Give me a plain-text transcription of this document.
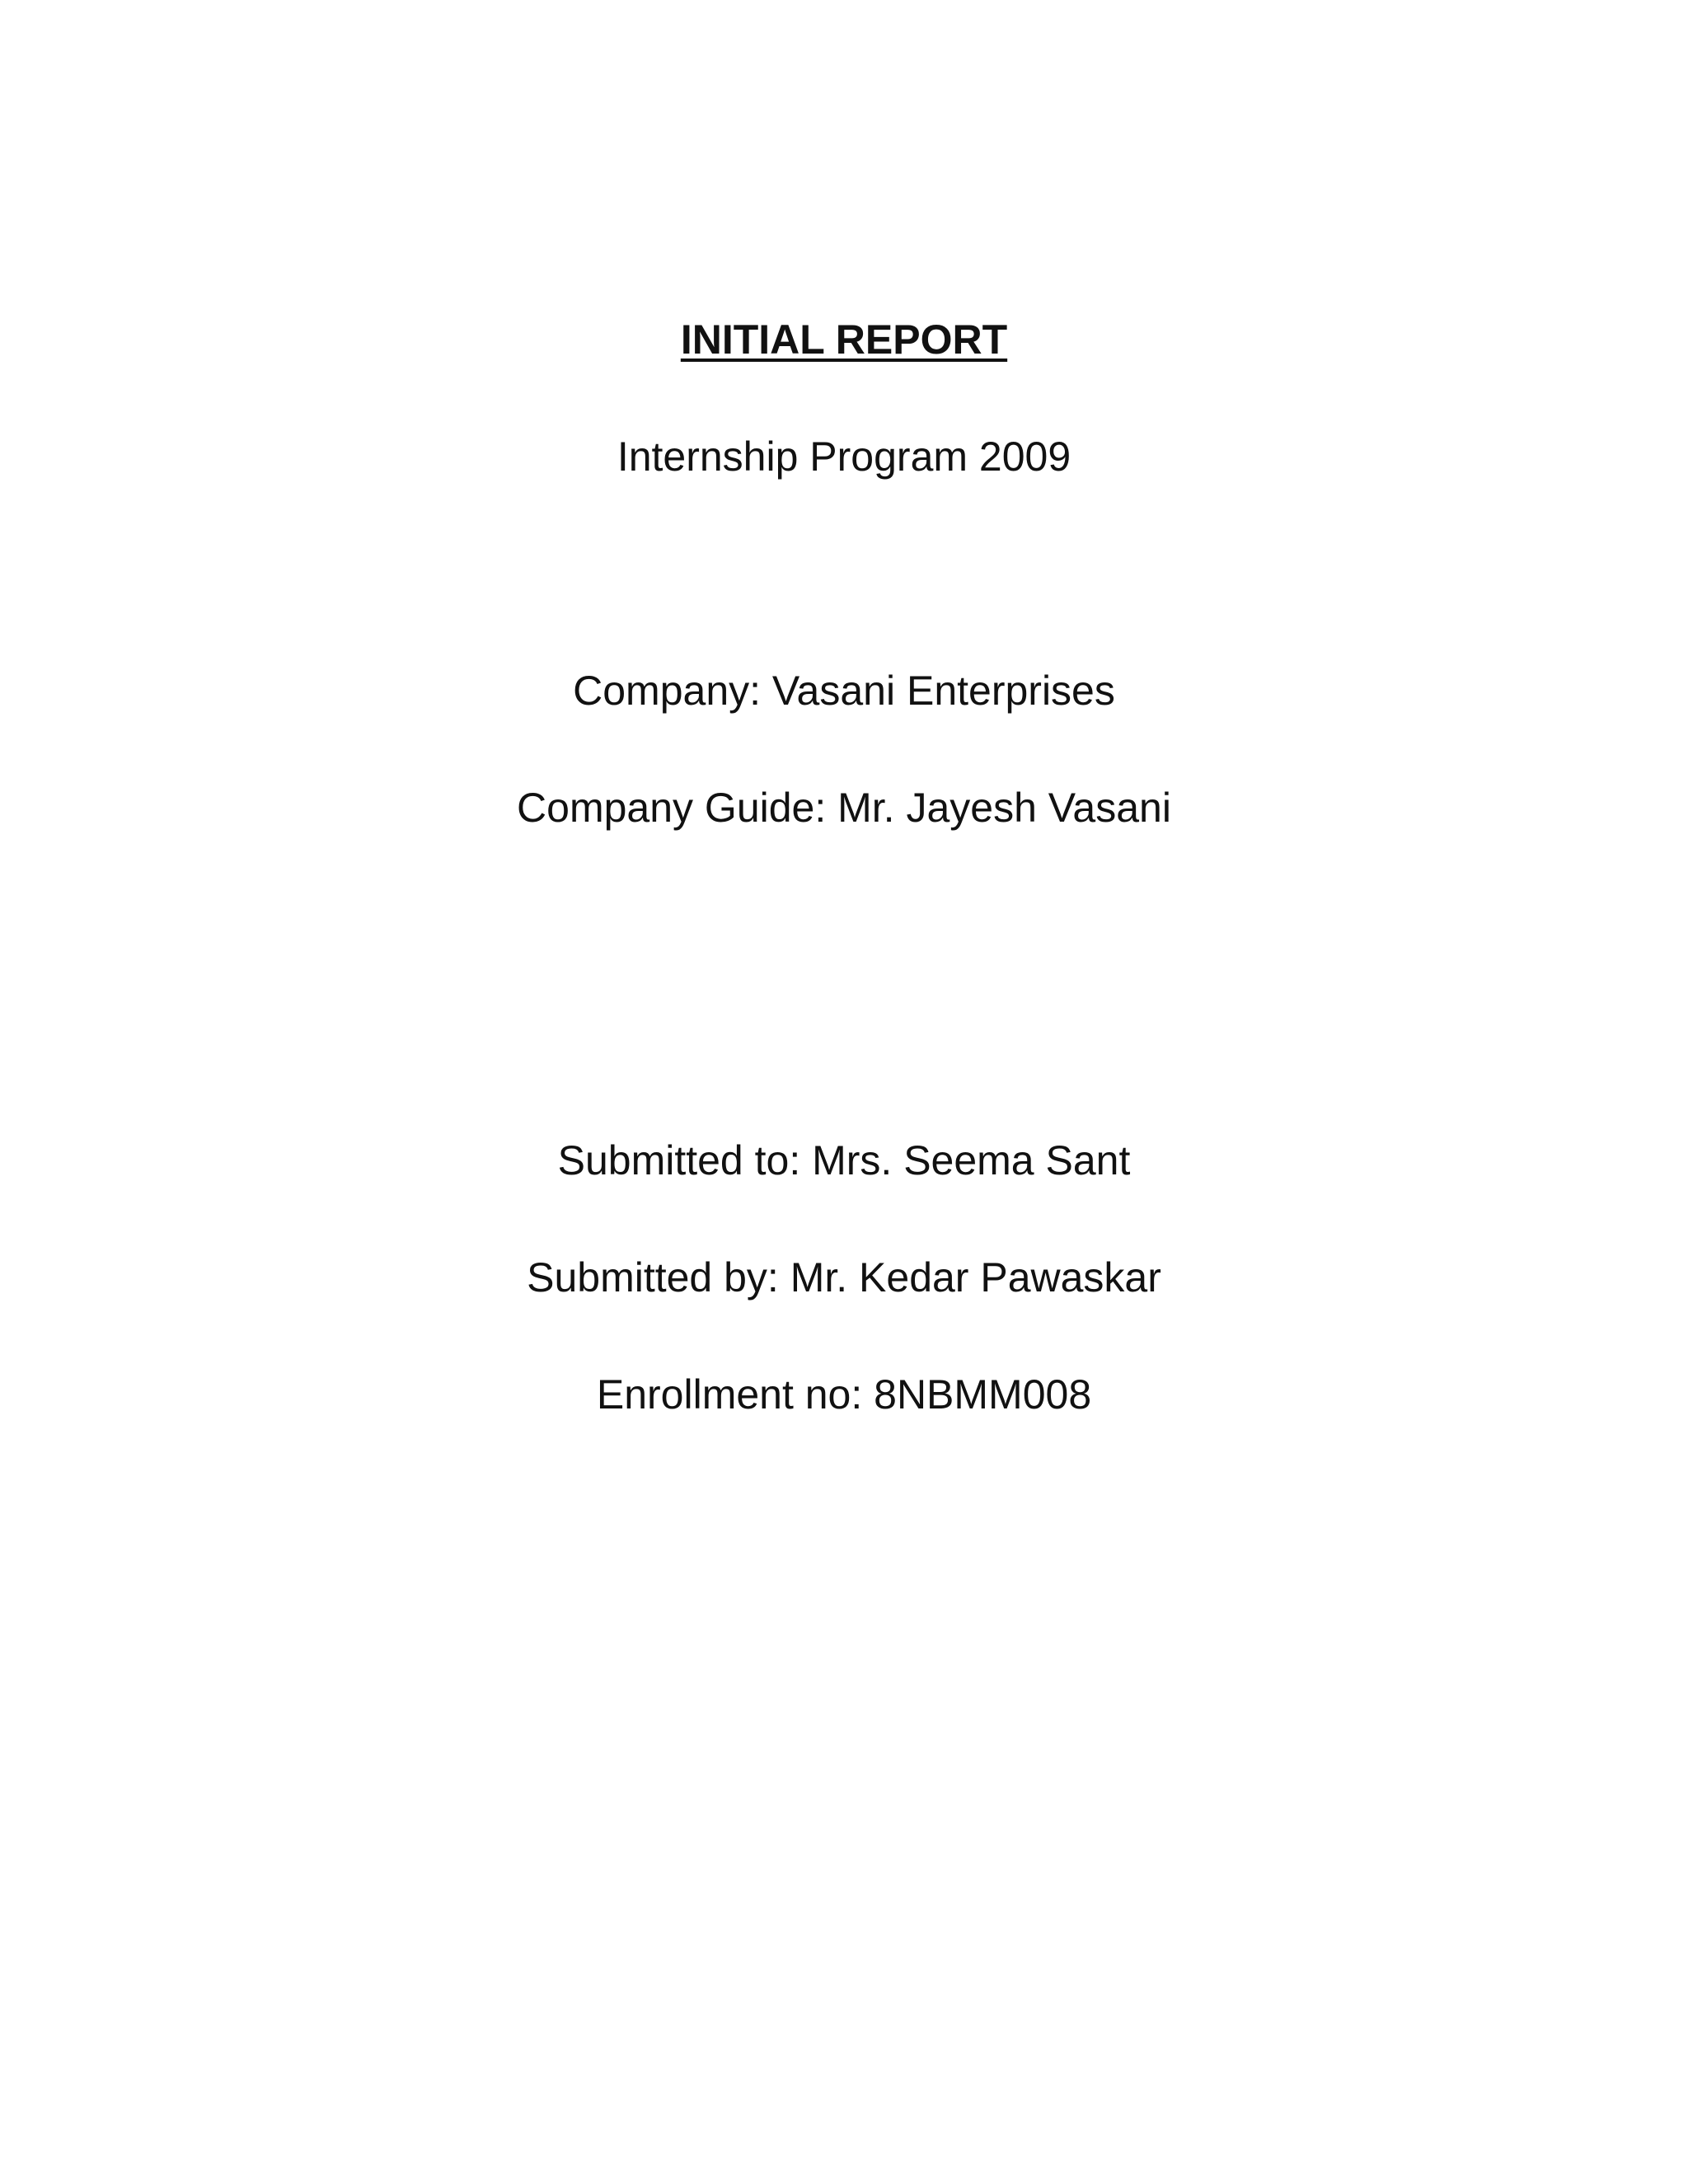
INITIAL REPORT
Internship Program 2009
Company: Vasani Enterprises
Company Guide: Mr. Jayesh Vasani
Submitted to: Mrs. Seema Sant
Submitted by: Mr. Kedar Pawaskar
Enrollment no: 8NBMM008
